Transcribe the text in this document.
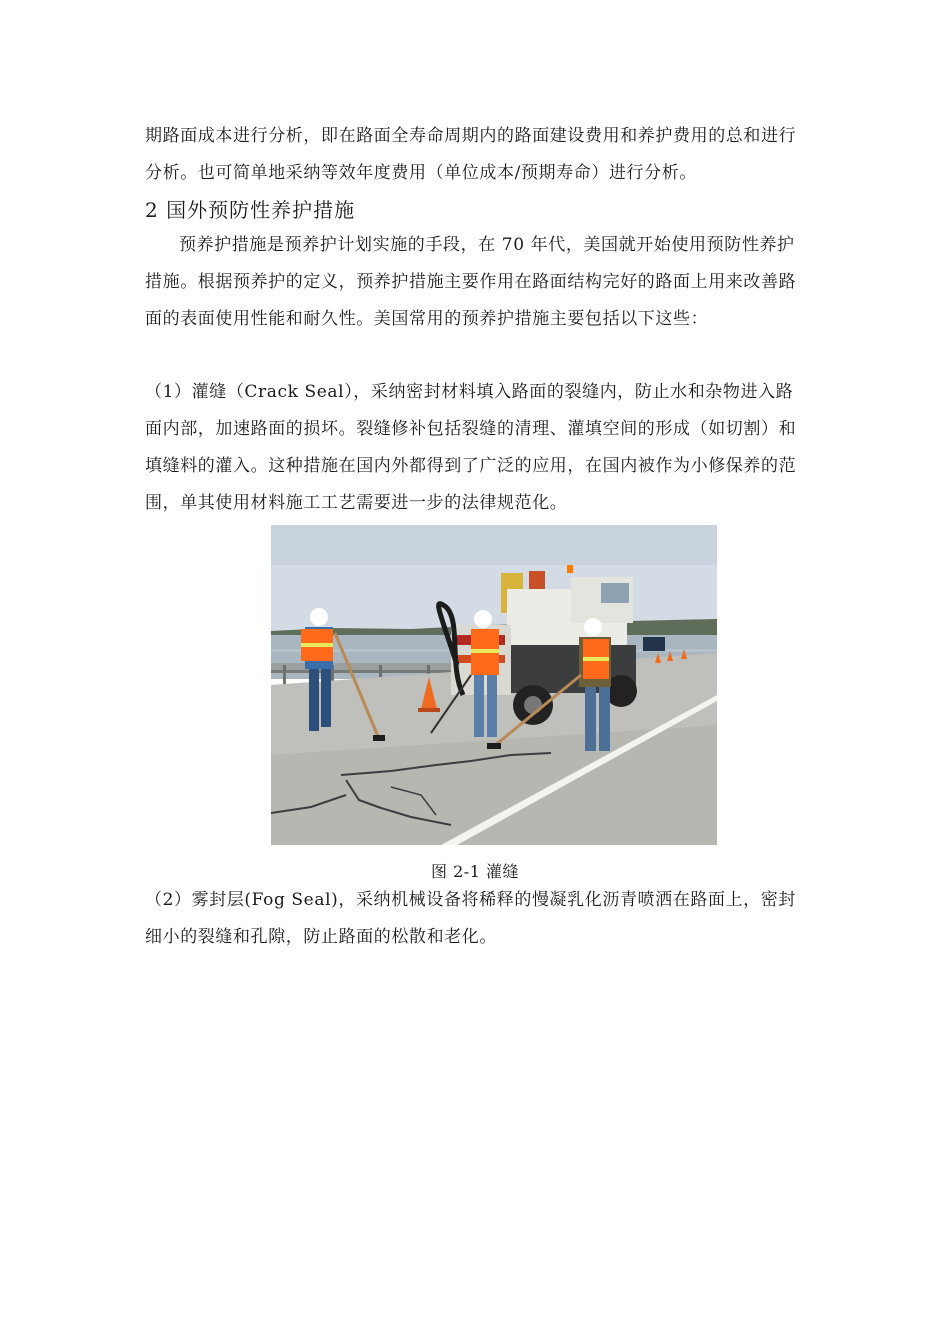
期路面成本进行分析，即在路面全寿命周期内的路面建设费用和养护费用的总和进行分析。也可简单地采纳等效年度费用（单位成本/预期寿命）进行分析。

2 国外预防性养护措施

预养护措施是预养护计划实施的手段，在 70 年代，美国就开始使用预防性养护措施。根据预养护的定义，预养护措施主要作用在路面结构完好的路面上用来改善路面的表面使用性能和耐久性。美国常用的预养护措施主要包括以下这些：

（1）灌缝（Crack Seal），采纳密封材料填入路面的裂缝内，防止水和杂物进入路面内部，加速路面的损坏。裂缝修补包括裂缝的清理、灌填空间的形成（如切割）和填缝料的灌入。这种措施在国内外都得到了广泛的应用，在国内被作为小修保养的范围，单其使用材料施工工艺需要进一步的法律规范化。

图 2-1 灌缝

（2）雾封层(Fog Seal)，采纳机械设备将稀释的慢凝乳化沥青喷洒在路面上，密封细小的裂缝和孔隙，防止路面的松散和老化。
